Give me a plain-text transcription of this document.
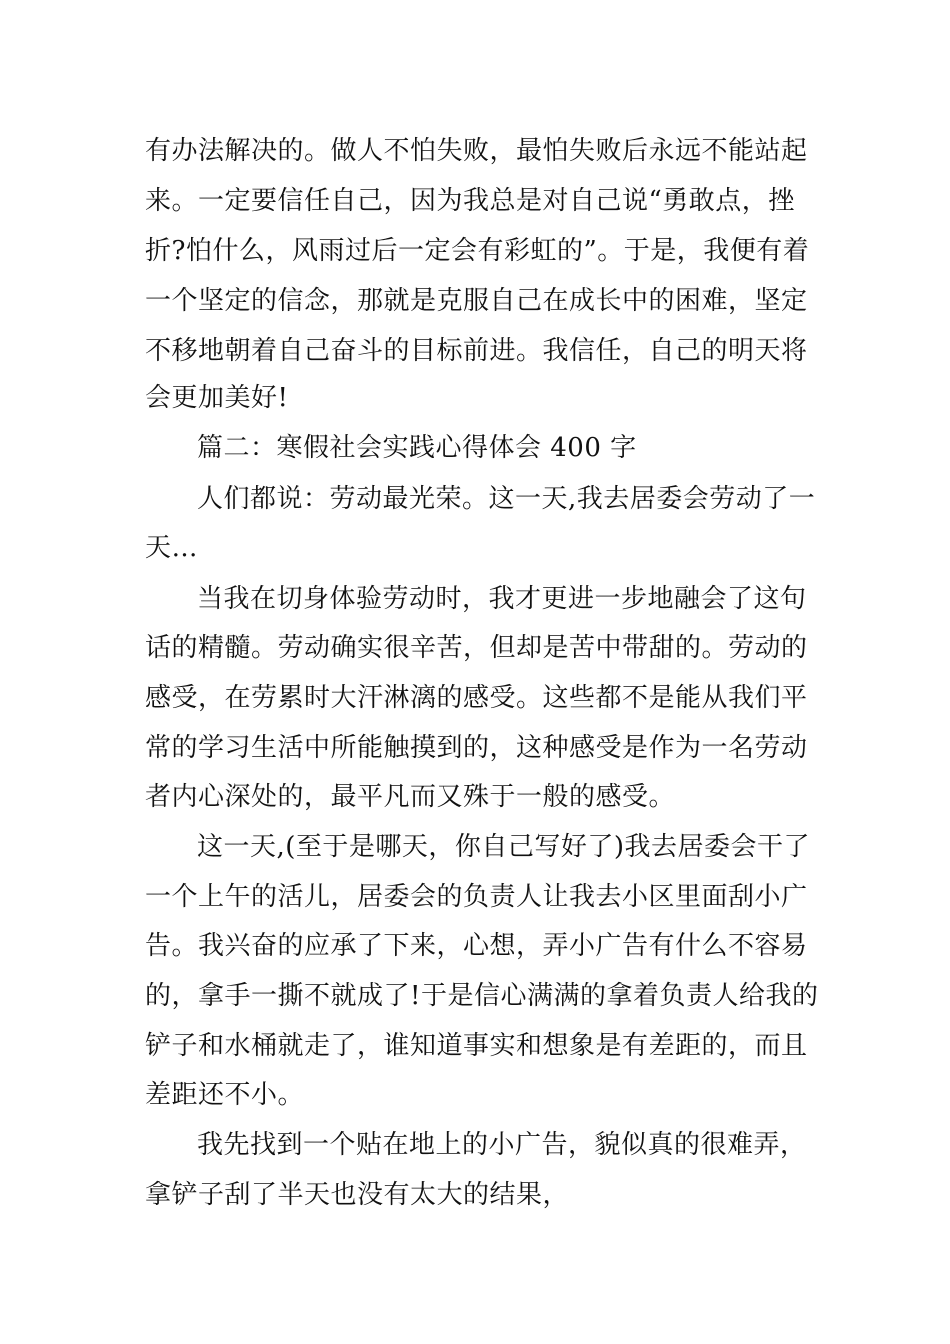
有办法解决的。做人不怕失败，最怕失败后永远不能站起
来。一定要信任自己，因为我总是对自己说“勇敢点，挫
折?怕什么，风雨过后一定会有彩虹的”。于是，我便有着
一个坚定的信念，那就是克服自己在成长中的困难，坚定
不移地朝着自己奋斗的目标前进。我信任，自己的明天将
会更加美好!
篇二：寒假社会实践心得体会 400 字
人们都说：劳动最光荣。这一天,我去居委会劳动了一
天…
当我在切身体验劳动时，我才更进一步地融会了这句
话的精髓。劳动确实很辛苦，但却是苦中带甜的。劳动的
感受，在劳累时大汗淋漓的感受。这些都不是能从我们平
常的学习生活中所能触摸到的，这种感受是作为一名劳动
者内心深处的，最平凡而又殊于一般的感受。
这一天,(至于是哪天，你自己写好了)我去居委会干了
一个上午的活儿，居委会的负责人让我去小区里面刮小广
告。我兴奋的应承了下来，心想，弄小广告有什么不容易
的，拿手一撕不就成了!于是信心满满的拿着负责人给我的
铲子和水桶就走了，谁知道事实和想象是有差距的，而且
差距还不小。
我先找到一个贴在地上的小广告，貌似真的很难弄，
拿铲子刮了半天也没有太大的结果，
